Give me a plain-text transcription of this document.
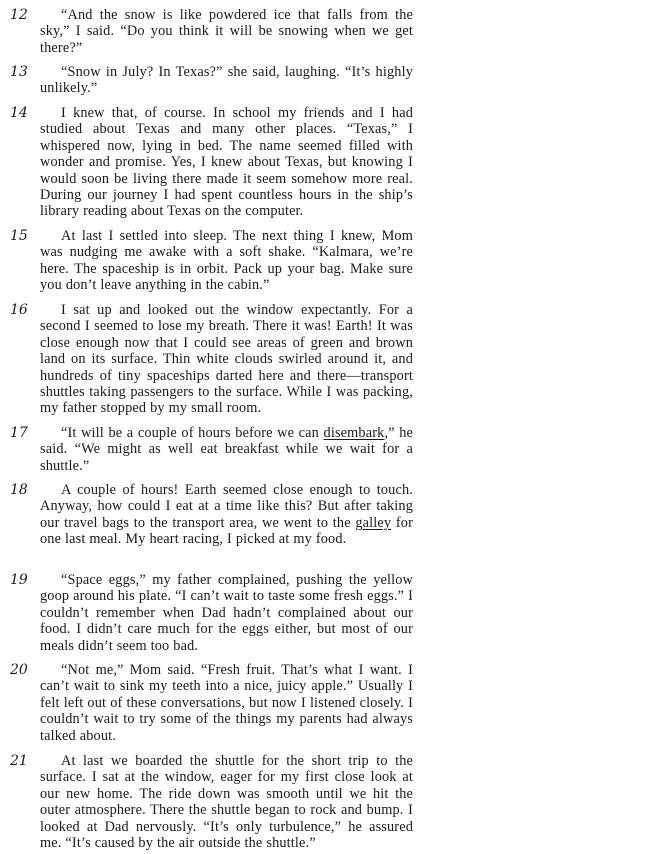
12	“And the snow is like powdered ice that falls from the sky,” I said. “Do you think it will be snowing when we get there?”

13	“Snow in July? In Texas?” she said, laughing. “It’s highly unlikely.”

14	I knew that, of course. In school my friends and I had studied about Texas and many other places. “Texas,” I whispered now, lying in bed. The name seemed filled with wonder and promise. Yes, I knew about Texas, but knowing I would soon be living there made it seem somehow more real. During our journey I had spent countless hours in the ship’s library reading about Texas on the computer.

15	At last I settled into sleep. The next thing I knew, Mom was nudging me awake with a soft shake. “Kalmara, we’re here. The spaceship is in orbit. Pack up your bag. Make sure you don’t leave anything in the cabin.”

16	I sat up and looked out the window expectantly. For a second I seemed to lose my breath. There it was! Earth! It was close enough now that I could see areas of green and brown land on its surface. Thin white clouds swirled around it, and hundreds of tiny spaceships darted here and there—transport shuttles taking passengers to the surface. While I was packing, my father stopped by my small room.

17	“It will be a couple of hours before we can disembark,” he said. “We might as well eat breakfast while we wait for a shuttle.”

18	A couple of hours! Earth seemed close enough to touch. Anyway, how could I eat at a time like this? But after taking our travel bags to the transport area, we went to the galley for one last meal. My heart racing, I picked at my food.

19	“Space eggs,” my father complained, pushing the yellow goop around his plate. “I can’t wait to taste some fresh eggs.” I couldn’t remember when Dad hadn’t complained about our food. I didn’t care much for the eggs either, but most of our meals didn’t seem too bad.

20	“Not me,” Mom said. “Fresh fruit. That’s what I want. I can’t wait to sink my teeth into a nice, juicy apple.” Usually I felt left out of these conversations, but now I listened closely. I couldn’t wait to try some of the things my parents had always talked about.

21	At last we boarded the shuttle for the short trip to the surface. I sat at the window, eager for my first close look at our new home. The ride down was smooth until we hit the outer atmosphere. There the shuttle began to rock and bump. I looked at Dad nervously. “It’s only turbulence,” he assured me. “It’s caused by the air outside the shuttle.”
